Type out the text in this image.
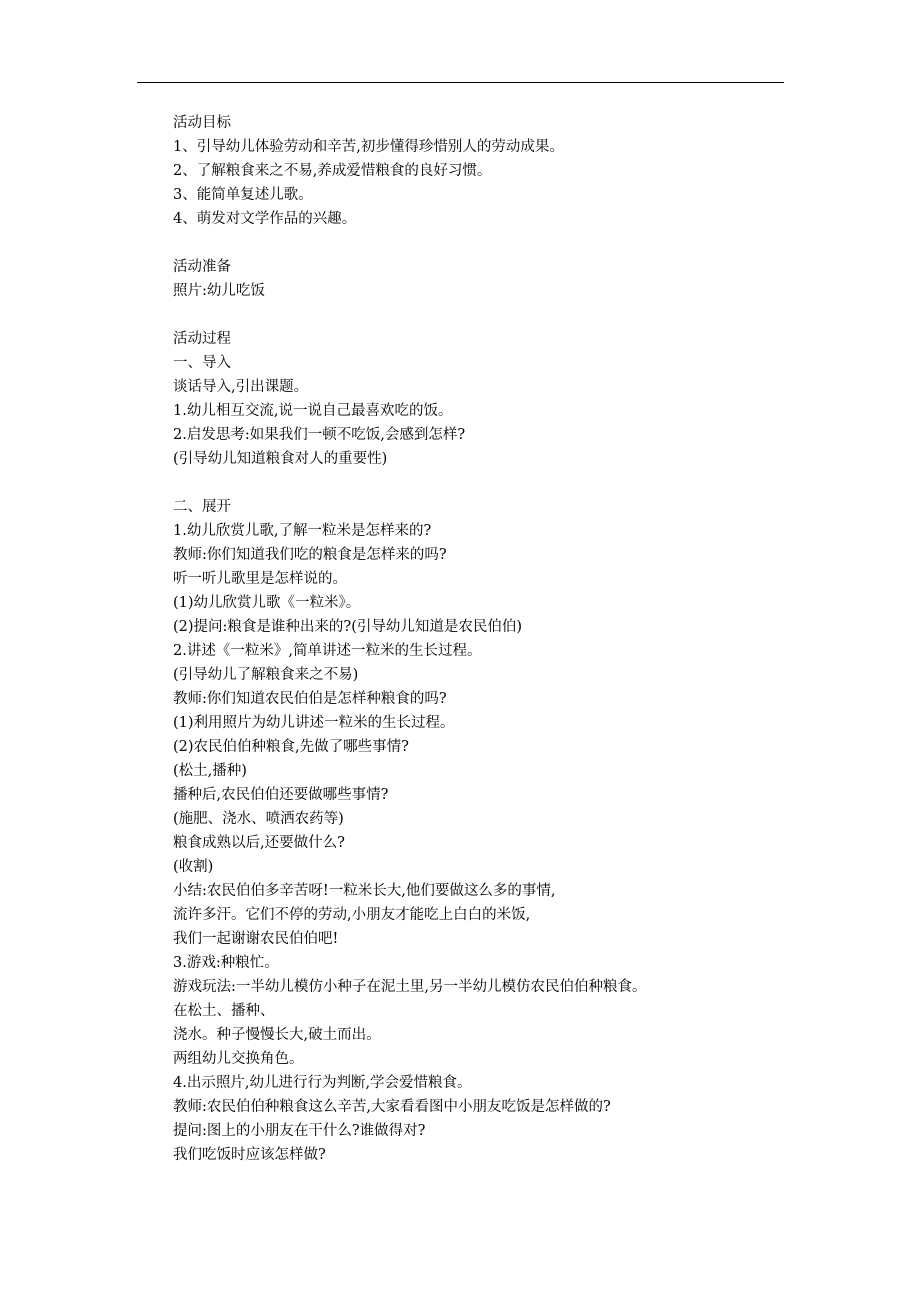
活动目标
1、引导幼儿体验劳动和辛苦,初步懂得珍惜别人的劳动成果。
2、了解粮食来之不易,养成爱惜粮食的良好习惯。
3、能简单复述儿歌。
4、萌发对文学作品的兴趣。
活动准备
照片:幼儿吃饭
活动过程
一、导入
谈话导入,引出课题。
1.幼儿相互交流,说一说自己最喜欢吃的饭。
2.启发思考:如果我们一顿不吃饭,会感到怎样?
(引导幼儿知道粮食对人的重要性)
二、展开
1.幼儿欣赏儿歌,了解一粒米是怎样来的?
教师:你们知道我们吃的粮食是怎样来的吗?
听一听儿歌里是怎样说的。
(1)幼儿欣赏儿歌《一粒米》。
(2)提问:粮食是谁种出来的?(引导幼儿知道是农民伯伯)
2.讲述《一粒米》,简单讲述一粒米的生长过程。
(引导幼儿了解粮食来之不易)
教师:你们知道农民伯伯是怎样种粮食的吗?
(1)利用照片为幼儿讲述一粒米的生长过程。
(2)农民伯伯种粮食,先做了哪些事情?
(松土,播种)
播种后,农民伯伯还要做哪些事情?
(施肥、浇水、喷洒农药等)
粮食成熟以后,还要做什么?
(收割)
小结:农民伯伯多辛苦呀!一粒米长大,他们要做这么多的事情,
流许多汗。它们不停的劳动,小朋友才能吃上白白的米饭,
我们一起谢谢农民伯伯吧!
3.游戏:种粮忙。
游戏玩法:一半幼儿模仿小种子在泥土里,另一半幼儿模仿农民伯伯种粮食。
在松土、播种、
浇水。种子慢慢长大,破土而出。
两组幼儿交换角色。
4.出示照片,幼儿进行行为判断,学会爱惜粮食。
教师:农民伯伯种粮食这么辛苦,大家看看图中小朋友吃饭是怎样做的?
提问:图上的小朋友在干什么?谁做得对?
我们吃饭时应该怎样做?
